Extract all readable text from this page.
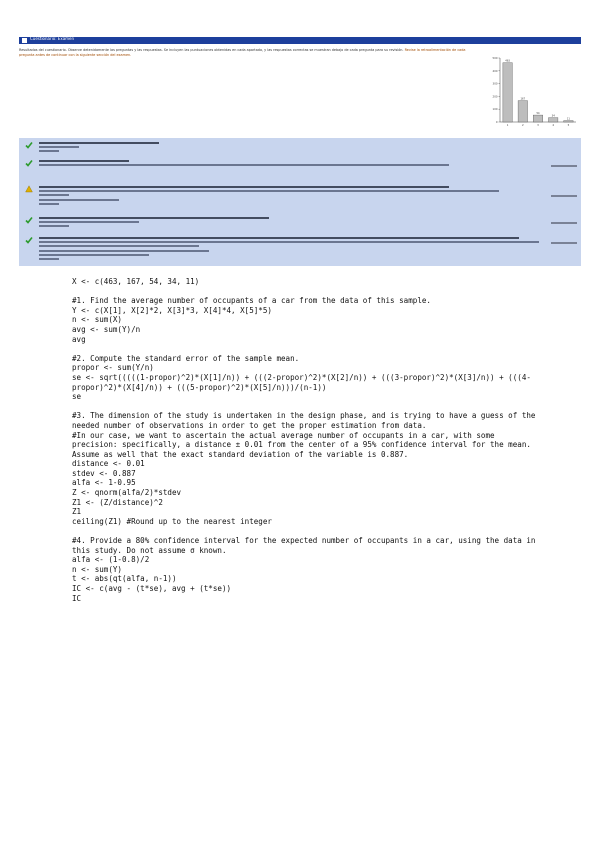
Cuestionario: Examen
Resultados del cuestionario. Observe detenidamente las preguntas y las respuestas. Se incluyen las puntuaciones obtenidas en cada apartado, y las respuestas correctas se muestran debajo de cada pregunta para su revisión. Revise la retroalimentación de cada pregunta antes de continuar con la siguiente sección del examen.
0
100
200
300
400
500
463
1
167
2
54
3
34
4
11
5
X <- c(463, 167, 54, 34, 11)
#1. Find the average number of occupants of a car from the data of this sample.
Y <- c(X[1], X[2]*2, X[3]*3, X[4]*4, X[5]*5)
n <- sum(X)
avg <- sum(Y)/n
avg
#2. Compute the standard error of the sample mean.
propor <- sum(Y/n)
se <- sqrt(((((1-propor)^2)*(X[1]/n)) + (((2-propor)^2)*(X[2]/n)) + (((3-propor)^2)*(X[3]/n)) + (((4-propor)^2)*(X[4]/n)) + (((5-propor)^2)*(X[5]/n)))/(n-1))
se
#3. The dimension of the study is undertaken in the design phase, and is trying to have a guess of the needed number of observations in order to get the proper estimation from data.
#In our case, we want to ascertain the actual average number of occupants in a car, with some precision: specifically, a distance ± 0.01 from the center of a 95% confidence interval for the mean. Assume as well that the exact standard deviation of the variable is 0.887.
distance <- 0.01
stdev <- 0.887
alfa <- 1-0.95
Z <- qnorm(alfa/2)*stdev
Z1 <- (Z/distance)^2
Z1
ceiling(Z1) #Round up to the nearest integer
#4. Provide a 80% confidence interval for the expected number of occupants in a car, using the data in this study. Do not assume σ known.
alfa <- (1-0.8)/2
n <- sum(Y)
t <- abs(qt(alfa, n-1))
IC <- c(avg - (t*se), avg + (t*se))
IC
